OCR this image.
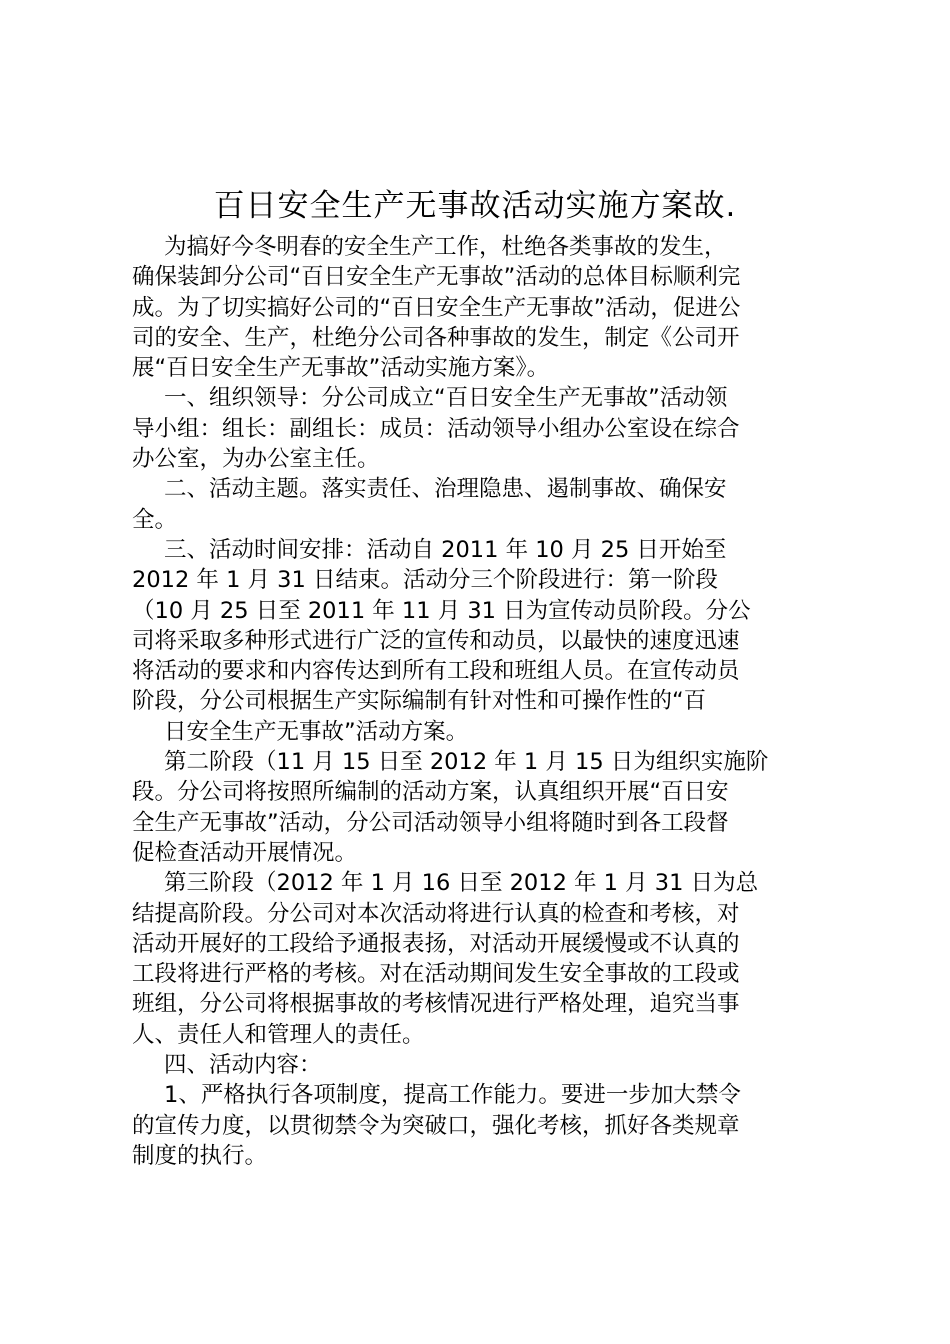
百日安全生产无事故活动实施方案故.
为搞好今冬明春的安全生产工作，杜绝各类事故的发生，
确保装卸分公司“百日安全生产无事故”活动的总体目标顺利完
成。为了切实搞好公司的“百日安全生产无事故”活动，促进公
司的安全、生产，杜绝分公司各种事故的发生，制定《公司开
展“百日安全生产无事故”活动实施方案》。
一、组织领导：分公司成立“百日安全生产无事故”活动领
导小组：组长：副组长：成员：活动领导小组办公室设在综合
办公室，为办公室主任。
二、活动主题。落实责任、治理隐患、遏制事故、确保安
全。
三、活动时间安排：活动自 2011 年 10 月 25 日开始至
2012 年 1 月 31 日结束。活动分三个阶段进行：第一阶段
（10 月 25 日至 2011 年 11 月 31 日为宣传动员阶段。分公
司将采取多种形式进行广泛的宣传和动员，以最快的速度迅速
将活动的要求和内容传达到所有工段和班组人员。在宣传动员
阶段，分公司根据生产实际编制有针对性和可操作性的“百
日安全生产无事故”活动方案。
第二阶段（11 月 15 日至 2012 年 1 月 15 日为组织实施阶
段。分公司将按照所编制的活动方案，认真组织开展“百日安
全生产无事故”活动，分公司活动领导小组将随时到各工段督
促检查活动开展情况。
第三阶段（2012 年 1 月 16 日至 2012 年 1 月 31 日为总
结提高阶段。分公司对本次活动将进行认真的检查和考核，对
活动开展好的工段给予通报表扬，对活动开展缓慢或不认真的
工段将进行严格的考核。对在活动期间发生安全事故的工段或
班组，分公司将根据事故的考核情况进行严格处理，追究当事
人、责任人和管理人的责任。
四、活动内容：
1、严格执行各项制度，提高工作能力。要进一步加大禁令
的宣传力度，以贯彻禁令为突破口，强化考核，抓好各类规章
制度的执行。
